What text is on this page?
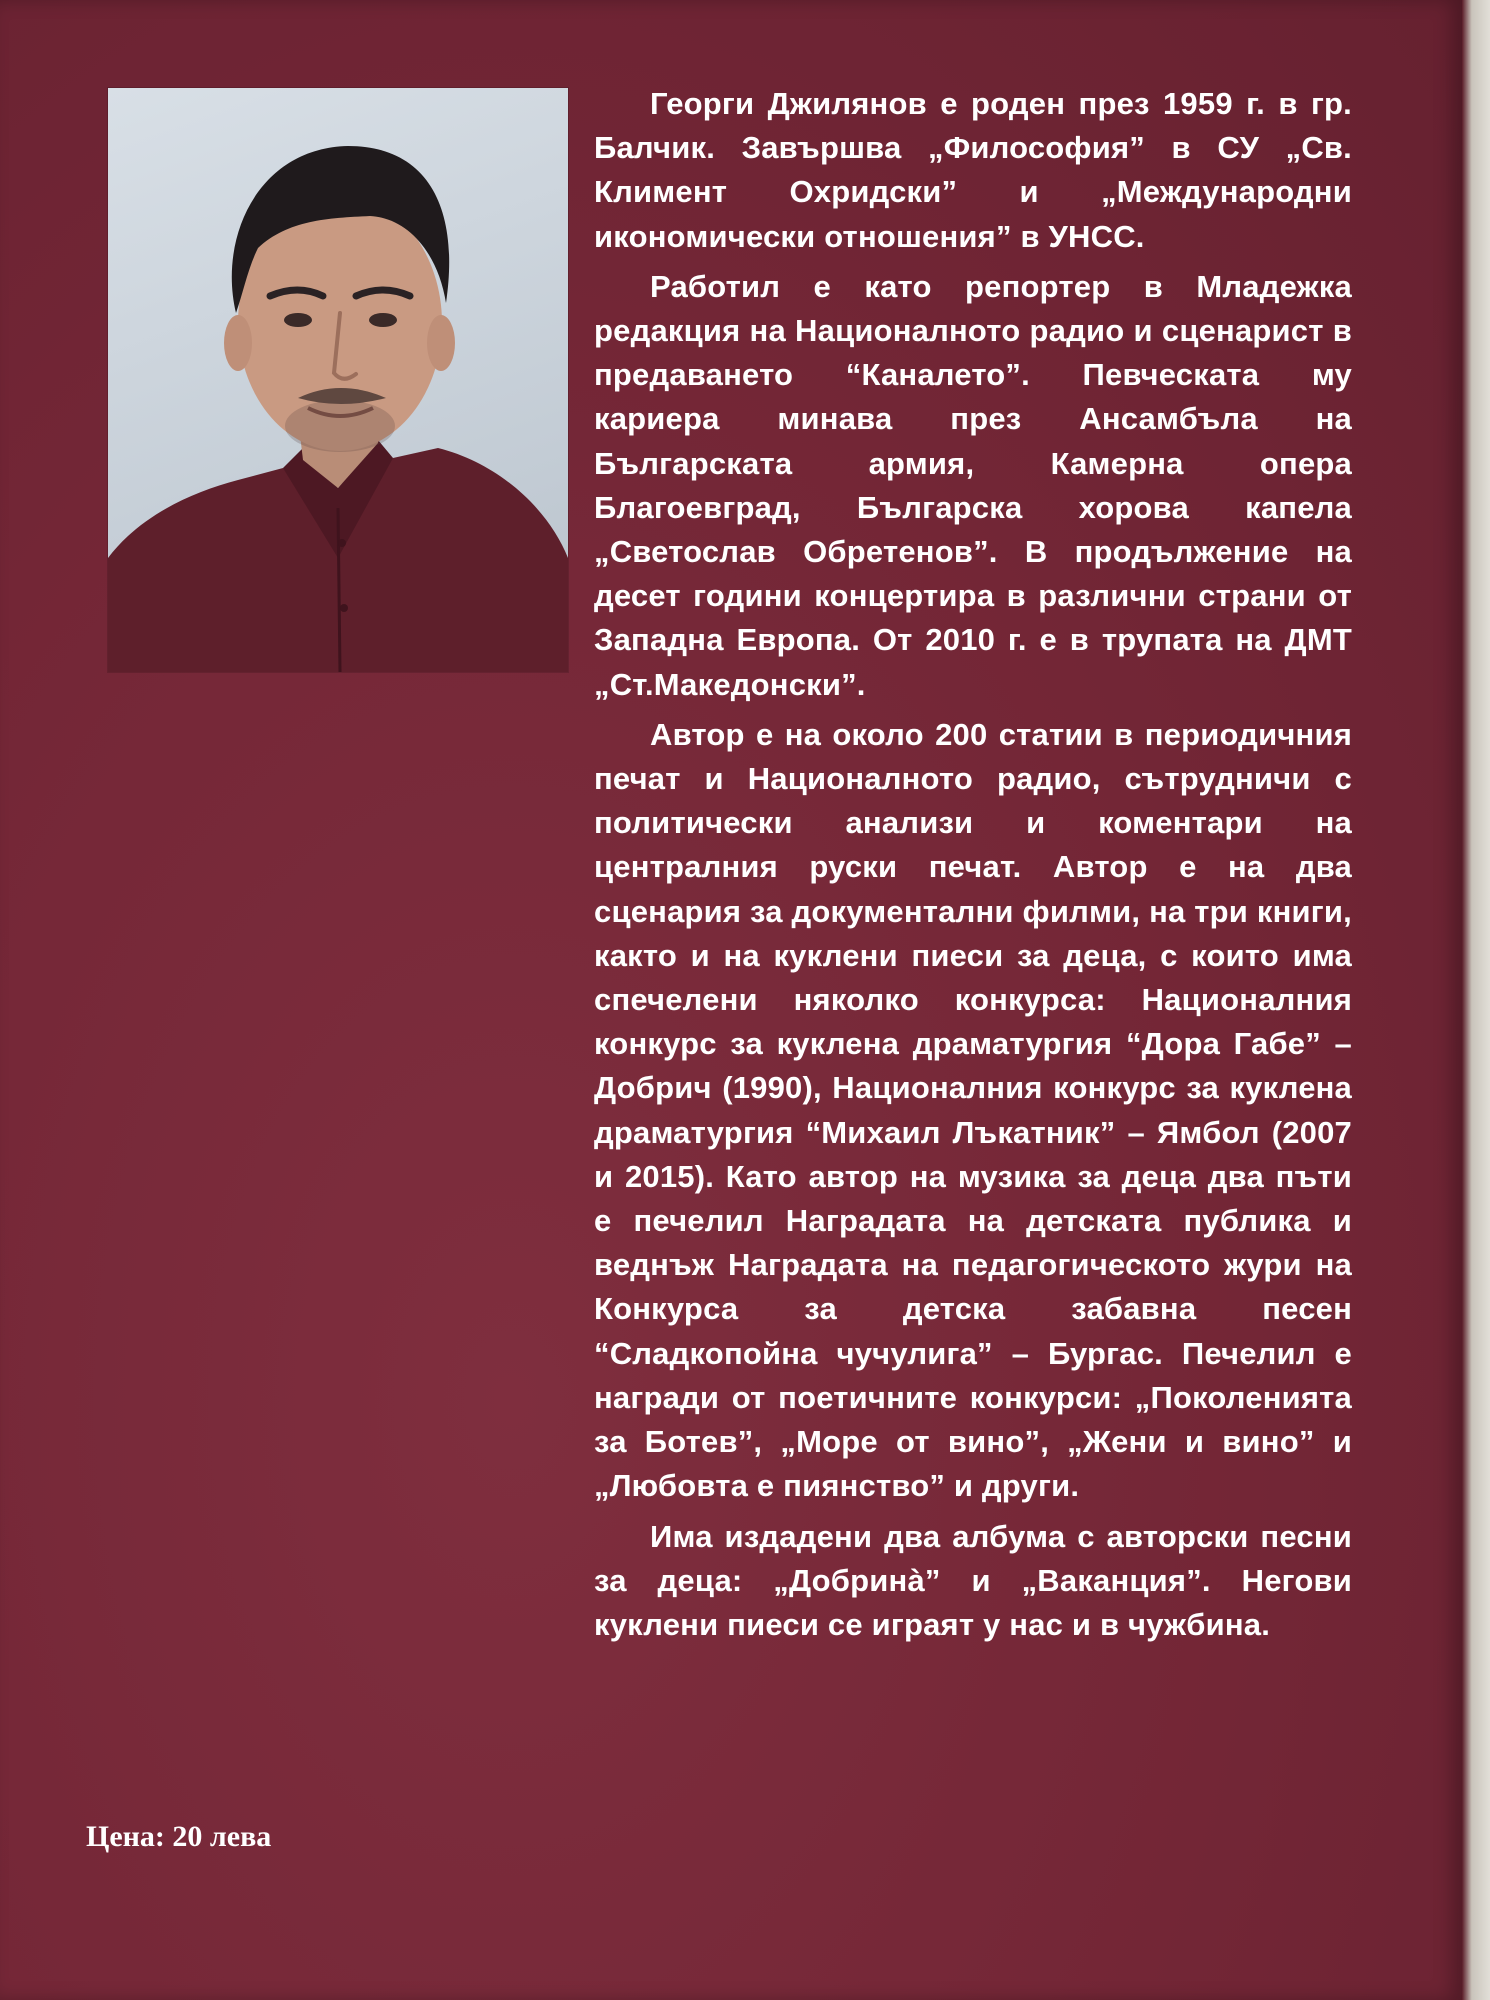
Георги Джилянов е роден през 1959 г. в гр. Балчик. Завършва „Философия” в СУ „Св. Климент Охридски” и „Международни икономически отношения” в УНСС.

Работил е като репортер в Младежка редакция на Националното радио и сценарист в предаването “Каналето”. Певческата му кариера минава през Ансамбъла на Българската армия, Камерна опера Благоевград, Българска хорова капела „Светослав Обретенов”. В продължение на десет години концертира в различни страни от Западна Европа. От 2010 г. е в трупата на ДМТ „Ст.Македонски”.

Автор е на около 200 статии в периодичния печат и Националното радио, сътрудничи с политически анализи и коментари на централния руски печат. Автор е на два сценария за документални филми, на три книги, както и на куклени пиеси за деца, с които има спечелени няколко конкурса: Националния конкурс за куклена драматургия “Дора Габе” – Добрич (1990), Националния конкурс за куклена драматургия “Михаил Лъкатник” – Ямбол (2007 и 2015). Като автор на музика за деца два пъти е печелил Наградата на детската публика и веднъж Наградата на педагогическото жури на Конкурса за детска забавна песен “Сладкопойна чучулига” – Бургас. Печелил е награди от поетичните конкурси: „Поколенията за Ботев”, „Море от вино”, „Жени и вино” и „Любовта е пиянство” и други.

Има издадени два албума с авторски песни за деца: „Добринà” и „Ваканция”. Негови куклени пиеси се играят у нас и в чужбина.

Цена: 20 лева
